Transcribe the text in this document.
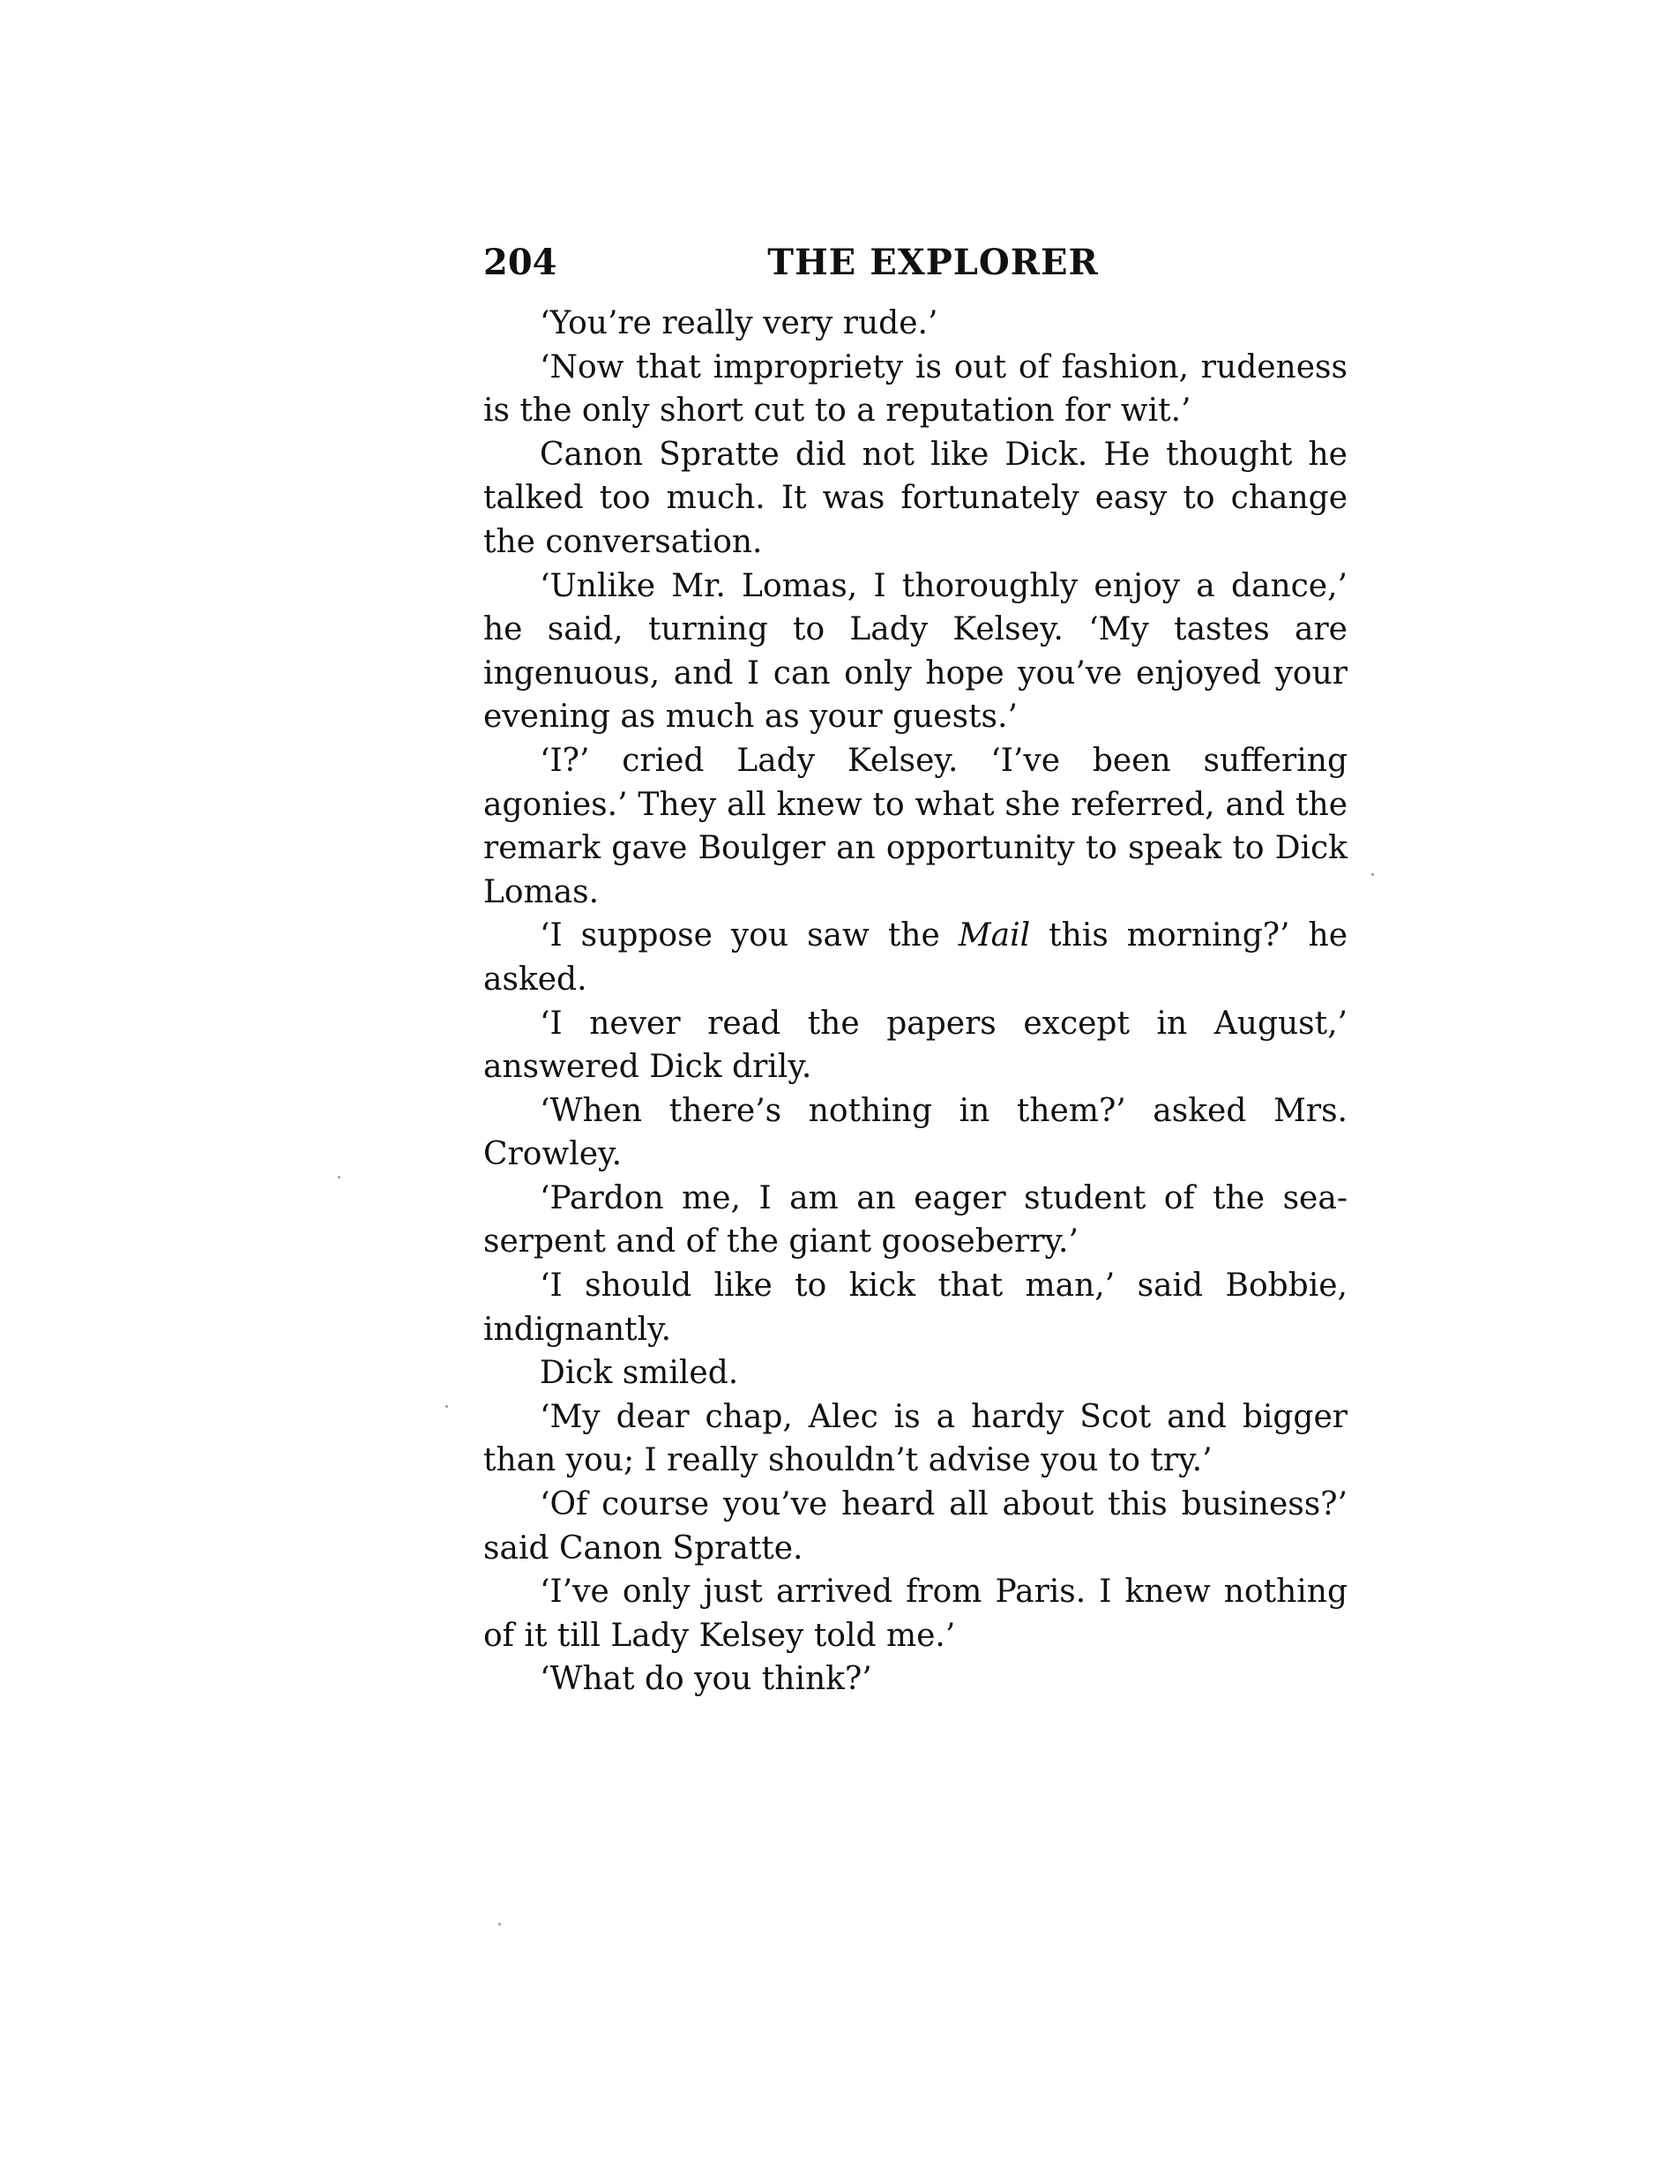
204	THE EXPLORER

‘You’re really very rude.’

‘Now that impropriety is out of fashion, rudeness is the only short cut to a reputation for wit.’

Canon Spratte did not like Dick. He thought he talked too much. It was fortunately easy to change the conversation.

‘Unlike Mr. Lomas, I thoroughly enjoy a dance,’ he said, turning to Lady Kelsey. ‘My tastes are ingenuous, and I can only hope you’ve enjoyed your evening as much as your guests.’

‘I?’ cried Lady Kelsey. ‘I’ve been suffering agonies.’ They all knew to what she referred, and the remark gave Boulger an opportunity to speak to Dick Lomas.

‘I suppose you saw the Mail this morning?’ he asked.

‘I never read the papers except in August,’ answered Dick drily.

‘When there’s nothing in them?’ asked Mrs. Crowley.

‘Pardon me, I am an eager student of the sea-serpent and of the giant gooseberry.’

‘I should like to kick that man,’ said Bobbie, indignantly.

Dick smiled.

‘My dear chap, Alec is a hardy Scot and bigger than you; I really shouldn’t advise you to try.’

‘Of course you’ve heard all about this business?’ said Canon Spratte.

‘I’ve only just arrived from Paris. I knew nothing of it till Lady Kelsey told me.’

‘What do you think?’
